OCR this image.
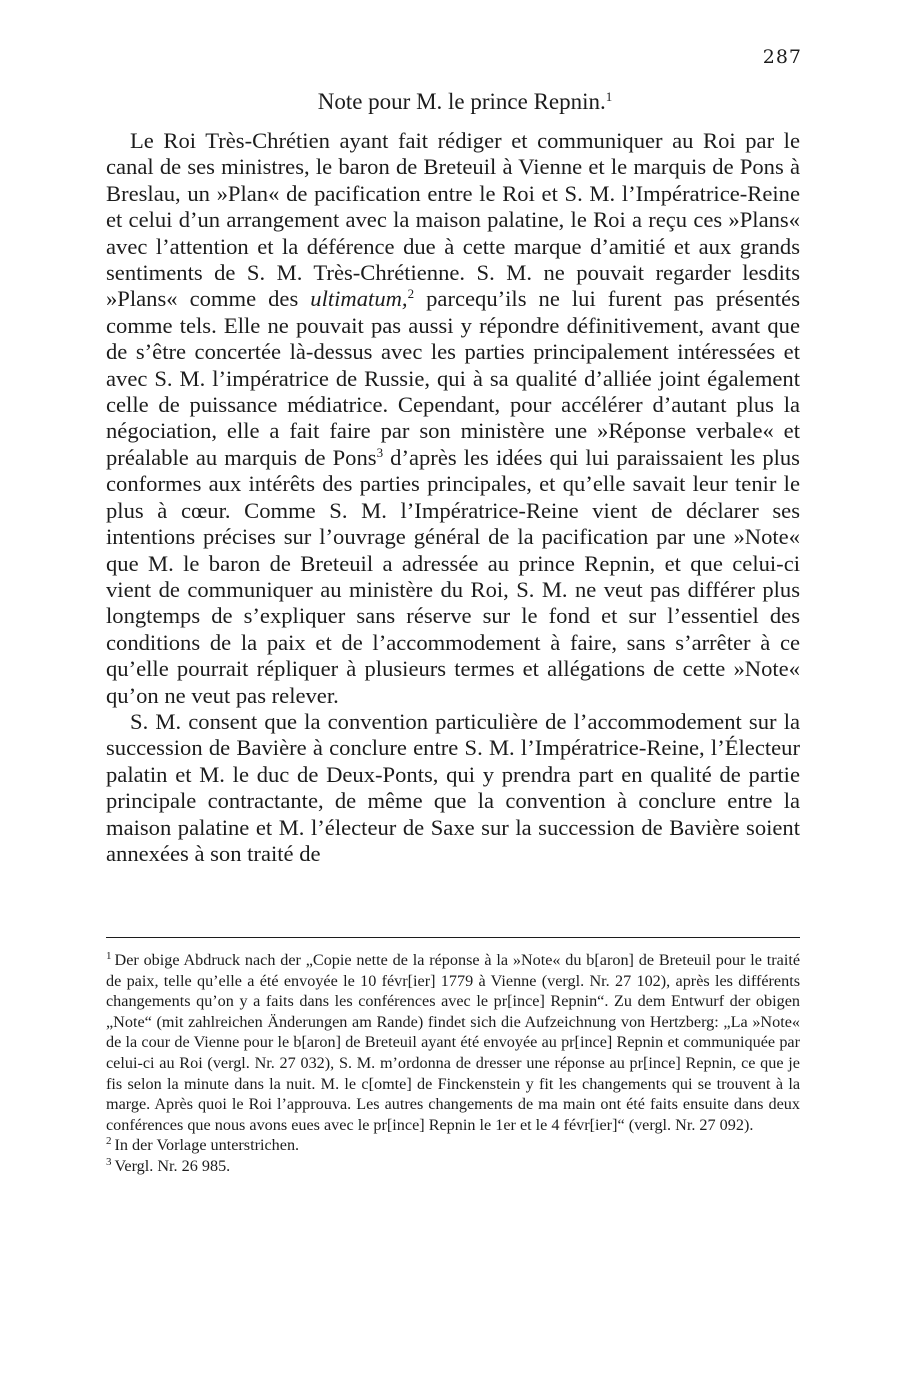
287
Note pour M. le prince Repnin.$^1$

Le Roi Très-Chrétien ayant fait rédiger et communiquer au Roi par le canal de ses ministres, le baron de Breteuil à Vienne et le marquis de Pons à Breslau, un »Plan« de pacification entre le Roi et S. M. l’Impératrice-Reine et celui d’un arrangement avec la maison palatine, le Roi a reçu ces »Plans« avec l’attention et la déférence due à cette marque d’amitié et aux grands sentiments de S. M. Très-Chrétienne. S. M. ne pouvait regarder lesdits »Plans« comme des ultimatum,$^2$ parcequ’ils ne lui furent pas présentés comme tels. Elle ne pouvait pas aussi y répondre définitivement, avant que de s’être concertée là-dessus avec les parties principalement intéressées et avec S. M. l’impératrice de Russie, qui à sa qualité d’alliée joint également celle de puissance médiatrice. Cependant, pour accélérer d’autant plus la négociation, elle a fait faire par son ministère une »Réponse verbale« et préalable au marquis de Pons$^3$ d’après les idées qui lui paraissaient les plus conformes aux intérêts des parties principales, et qu’elle savait leur tenir le plus à cœur. Comme S. M. l’Impératrice-Reine vient de déclarer ses intentions précises sur l’ouvrage général de la pacification par une »Note« que M. le baron de Breteuil a adressée au prince Repnin, et que celui-ci vient de communiquer au ministère du Roi, S. M. ne veut pas différer plus longtemps de s’expliquer sans réserve sur le fond et sur l’essentiel des conditions de la paix et de l’accommodement à faire, sans s’arrêter à ce qu’elle pourrait répliquer à plusieurs termes et allégations de cette »Note« qu’on ne veut pas relever.

S. M. consent que la convention particulière de l’accommodement sur la succession de Bavière à conclure entre S. M. l’Impératrice-Reine, l’Électeur palatin et M. le duc de Deux-Ponts, qui y prendra part en qualité de partie principale contractante, de même que la convention à conclure entre la maison palatine et M. l’électeur de Saxe sur la succession de Bavière soient annexées à son traité de

$^1$ Der obige Abdruck nach der „Copie nette de la réponse à la »Note« du b[aron] de Breteuil pour le traité de paix, telle qu’elle a été envoyée le 10 févr[ier] 1779 à Vienne (vergl. Nr. 27 102), après les différents changements qu’on y a faits dans les conférences avec le pr[ince] Repnin“. Zu dem Entwurf der obigen „Note“ (mit zahlreichen Änderungen am Rande) findet sich die Aufzeichnung von Hertzberg: „La »Note« de la cour de Vienne pour le b[aron] de Breteuil ayant été envoyée au pr[ince] Repnin et communiquée par celui-ci au Roi (vergl. Nr. 27 032), S. M. m’ordonna de dresser une réponse au pr[ince] Repnin, ce que je fis selon la minute dans la nuit. M. le c[omte] de Finckenstein y fit les changements qui se trouvent à la marge. Après quoi le Roi l’approuva. Les autres changements de ma main ont été faits ensuite dans deux conférences que nous avons eues avec le pr[ince] Repnin le 1er et le 4 févr[ier]“ (vergl. Nr. 27 092).

$^2$ In der Vorlage unterstrichen.

$^3$ Vergl. Nr. 26 985.
